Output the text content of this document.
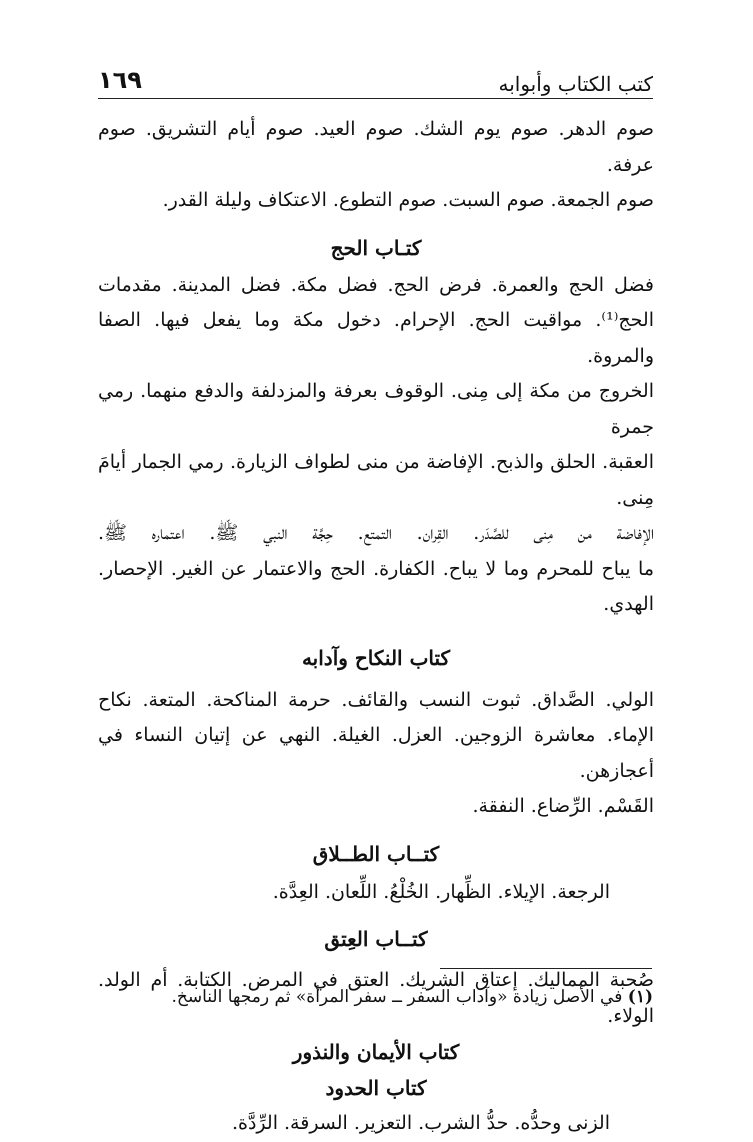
كتب الكتاب وأبوابه
١٦٩

صوم الدهر. صوم يوم الشك. صوم العيد. صوم أيام التشريق. صوم عرفة.

صوم الجمعة. صوم السبت. صوم التطوع. الاعتكاف وليلة القدر.

كتـاب الحج

فضل الحج والعمرة. فرض الحج. فضل مكة. فضل المدينة. مقدمات

الحج⁽¹⁾. مواقيت الحج. الإحرام. دخول مكة وما يفعل فيها. الصفا والمروة.

الخروج من مكة إلى مِنى. الوقوف بعرفة والمزدلفة والدفع منهما. رمي جمرة

العقبة. الحلق والذبح. الإفاضة من منى لطواف الزيارة. رمي الجمار أيامَ مِنى.

الإفاضة من مِنى للصَّدَر. القِران. التمتع. حِجَّة النبي ﷺ. اعتماره ﷺ.

ما يباح للمحرم وما لا يباح. الكفارة. الحج والاعتمار عن الغير. الإحصار. الهدي.

كتاب النكاح وآدابه

الولي. الصَّداق. ثبوت النسب والقائف. حرمة المناكحة. المتعة. نكاح

الإماء. معاشرة الزوجين. العزل. الغيلة. النهي عن إتيان النساء في أعجازهن.

القَسْم. الرِّضاع. النفقة.

كتــاب الطــلاق

الرجعة. الإيلاء. الظِّهار. الخُلْعُ. اللِّعان. العِدَّة.

كتــاب العِتق

صُحبة المماليك. إعتاق الشريك. العتق في المرض. الكتابة. أم الولد.

الولاء.

كتاب الأيمان والنذور
كتاب الحدود

الزنى وحدُّه. حدُّ الشرب. التعزير. السرقة. الرِّدَّة.

(١) في الأصل زيادة «وآداب السفر ــ سفر المرأة» ثم رمجها الناسخ.
